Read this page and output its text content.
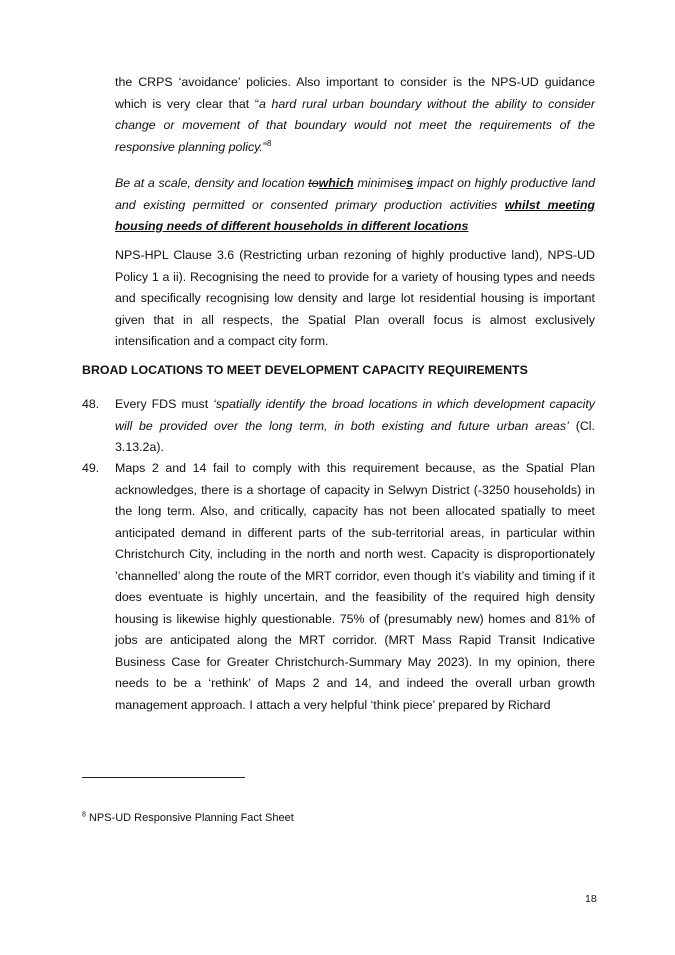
the CRPS ‘avoidance’ policies. Also important to consider is the NPS-UD guidance which is very clear that “a hard rural urban boundary without the ability to consider change or movement of that boundary would not meet the requirements of the responsive planning policy.”$^8$

Be at a scale, density and location towhich minimises impact on highly productive land and existing permitted or consented primary production activities whilst meeting housing needs of different households in different locations

NPS-HPL Clause 3.6 (Restricting urban rezoning of highly productive land), NPS-UD Policy 1 a ii). Recognising the need to provide for a variety of housing types and needs and specifically recognising low density and large lot residential housing is important given that in all respects, the Spatial Plan overall focus is almost exclusively intensification and a compact city form.

BROAD LOCATIONS TO MEET DEVELOPMENT CAPACITY REQUIREMENTS

48.	Every FDS must ‘spatially identify the broad locations in which development capacity will be provided over the long term, in both existing and future urban areas’ (Cl. 3.13.2a).

49.	Maps 2 and 14 fail to comply with this requirement because, as the Spatial Plan acknowledges, there is a shortage of capacity in Selwyn District (-3250 households) in the long term. Also, and critically, capacity has not been allocated spatially to meet anticipated demand in different parts of the sub-territorial areas, in particular within Christchurch City, including in the north and north west. Capacity is disproportionately ’channelled’ along the route of the MRT corridor, even though it’s viability and timing if it does eventuate is highly uncertain, and the feasibility of the required high density housing is likewise highly questionable. 75% of (presumably new) homes and 81% of jobs are anticipated along the MRT corridor. (MRT Mass Rapid Transit Indicative Business Case for Greater Christchurch-Summary May 2023). In my opinion, there needs to be a ‘rethink’ of Maps 2 and 14, and indeed the overall urban growth management approach. I attach a very helpful ‘think piece’ prepared by Richard

$^8$ NPS-UD Responsive Planning Fact Sheet

18
